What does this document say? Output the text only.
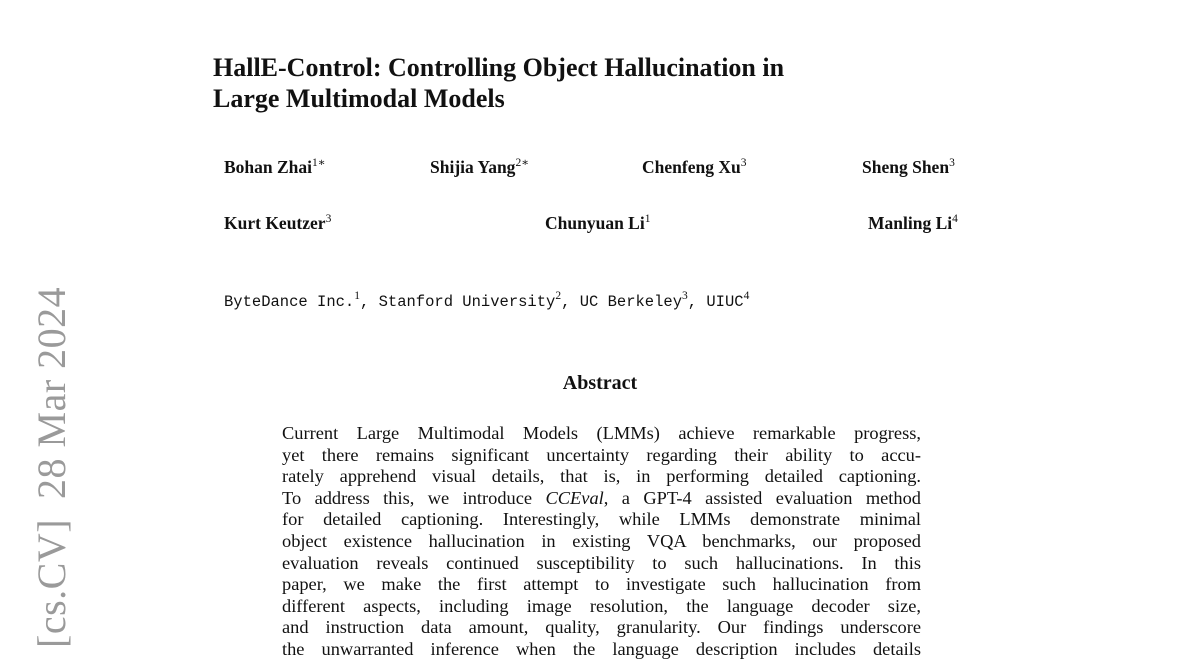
[cs.CV]28 Mar 2024
HallE-Control: Controlling Object Hallucination in
Large Multimodal Models
Bohan Zhai$^{1∗}$	Shijia Yang$^{2∗}$	Chenfeng Xu$^3$	Sheng Shen$^3$
Kurt Keutzer$^3$	Chunyuan Li$^1$	Manling Li$^4$
ByteDance Inc.$^1$, Stanford University$^2$, UC Berkeley$^3$, UIUC$^4$
Abstract
Current Large Multimodal Models (LMMs) achieve remarkable progress,
yet there remains significant uncertainty regarding their ability to accu-
rately apprehend visual details, that is, in performing detailed captioning.
To address this, we introduce CCEval, a GPT-4 assisted evaluation method
for detailed captioning. Interestingly, while LMMs demonstrate minimal
object existence hallucination in existing VQA benchmarks, our proposed
evaluation reveals continued susceptibility to such hallucinations. In this
paper, we make the first attempt to investigate such hallucination from
different aspects, including image resolution, the language decoder size,
and instruction data amount, quality, granularity. Our findings underscore
the unwarranted inference when the language description includes details
